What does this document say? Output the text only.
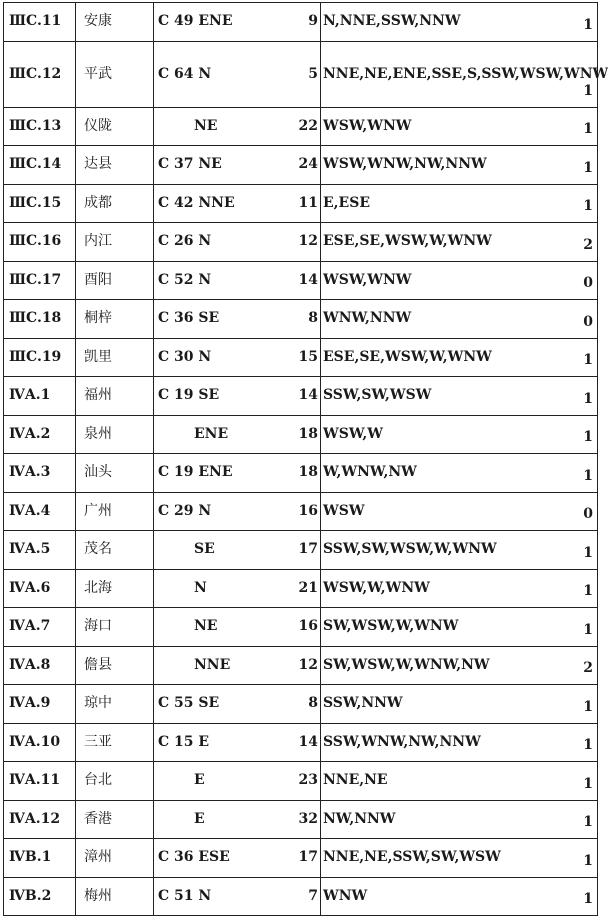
ⅢC.11	安康	C 49 ENE	9	N,NNE,SSW,NNW	1
ⅢC.12	平武	C 64 N	5	NNE,NE,ENE,SSE,S,SSW,WSW,WNW	1
ⅢC.13	仪陇	NE	22	WSW,WNW	1
ⅢC.14	达县	C 37 NE	24	WSW,WNW,NW,NNW	1
ⅢC.15	成都	C 42 NNE	11	E,ESE	1
ⅢC.16	内江	C 26 N	12	ESE,SE,WSW,W,WNW	2
ⅢC.17	酉阳	C 52 N	14	WSW,WNW	0
ⅢC.18	桐梓	C 36 SE	8	WNW,NNW	0
ⅢC.19	凯里	C 30 N	15	ESE,SE,WSW,W,WNW	1
ⅣA.1	福州	C 19 SE	14	SSW,SW,WSW	1
ⅣA.2	泉州	ENE	18	WSW,W	1
ⅣA.3	汕头	C 19 ENE	18	W,WNW,NW	1
ⅣA.4	广州	C 29 N	16	WSW	0
ⅣA.5	茂名	SE	17	SSW,SW,WSW,W,WNW	1
ⅣA.6	北海	N	21	WSW,W,WNW	1
ⅣA.7	海口	NE	16	SW,WSW,W,WNW	1
ⅣA.8	儋县	NNE	12	SW,WSW,W,WNW,NW	2
ⅣA.9	琼中	C 55 SE	8	SSW,NNW	1
ⅣA.10	三亚	C 15 E	14	SSW,WNW,NW,NNW	1
ⅣA.11	台北	E	23	NNE,NE	1
ⅣA.12	香港	E	32	NW,NNW	1
ⅣB.1	漳州	C 36 ESE	17	NNE,NE,SSW,SW,WSW	1
ⅣB.2	梅州	C 51 N	7	WNW	1
